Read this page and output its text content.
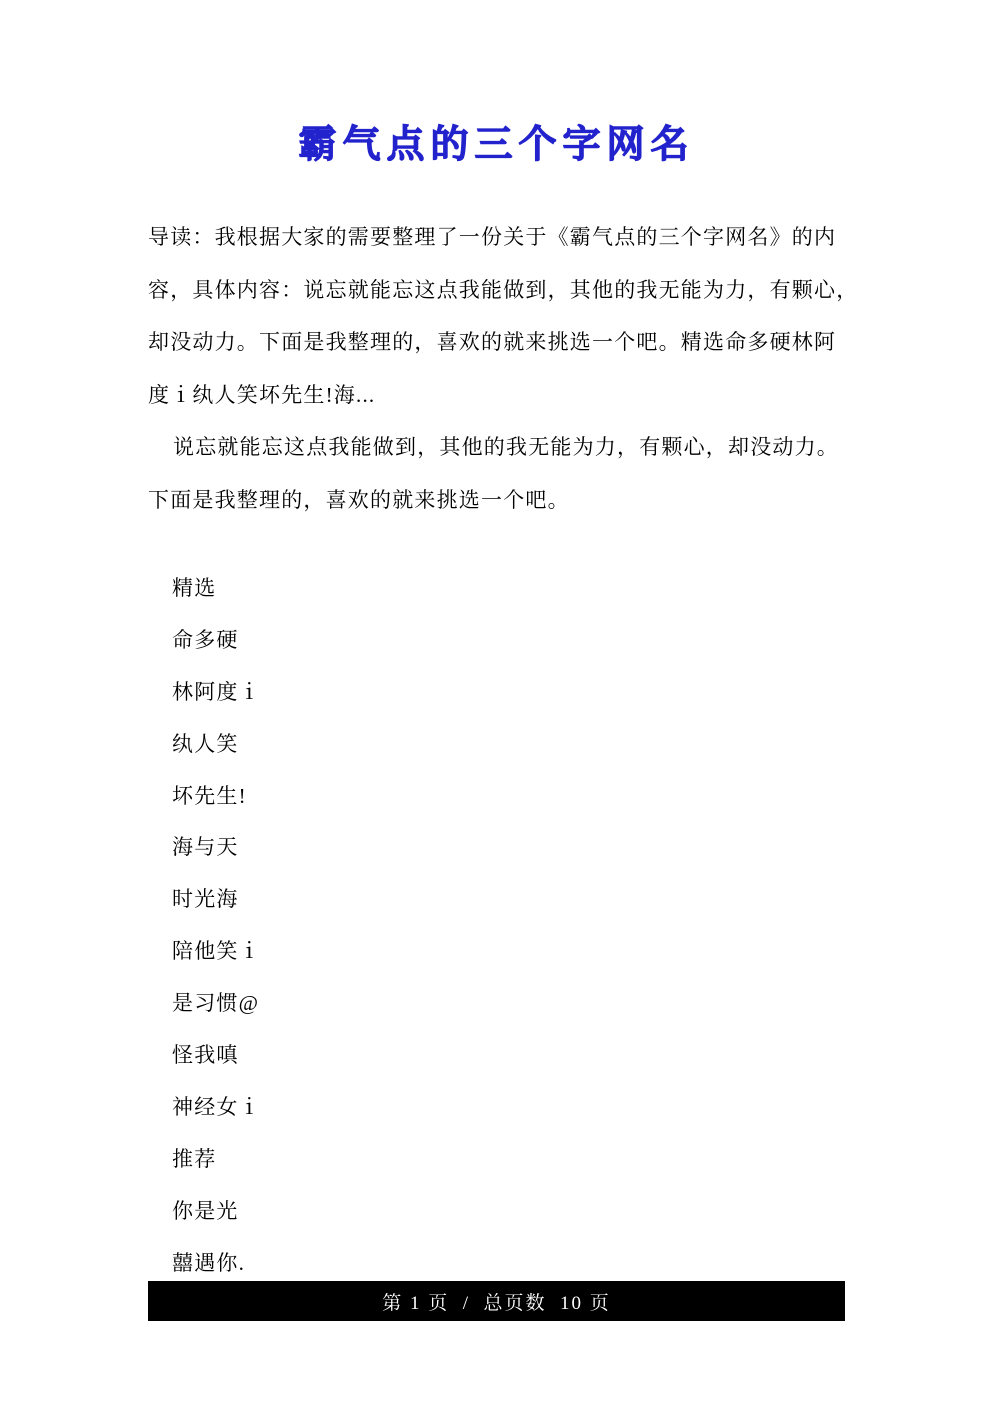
霸气点的三个字网名
导读：我根据大家的需要整理了一份关于《霸气点的三个字网名》的内
容，具体内容：说忘就能忘这点我能做到，其他的我无能为力，有颗心，
却没动力。下面是我整理的，喜欢的就来挑选一个吧。精选命多硬林阿
度ｉ纨人笑坏先生!海...
说忘就能忘这点我能做到，其他的我无能为力，有颗心，却没动力。
下面是我整理的，喜欢的就来挑选一个吧。
精选
命多硬
林阿度ｉ
纨人笑
坏先生!
海与天
时光海
陪他笑ｉ
是习惯@
怪我嗔
神经女ｉ
推荐
你是光
囍遇你.
第 1 页  /  总页数  10 页
